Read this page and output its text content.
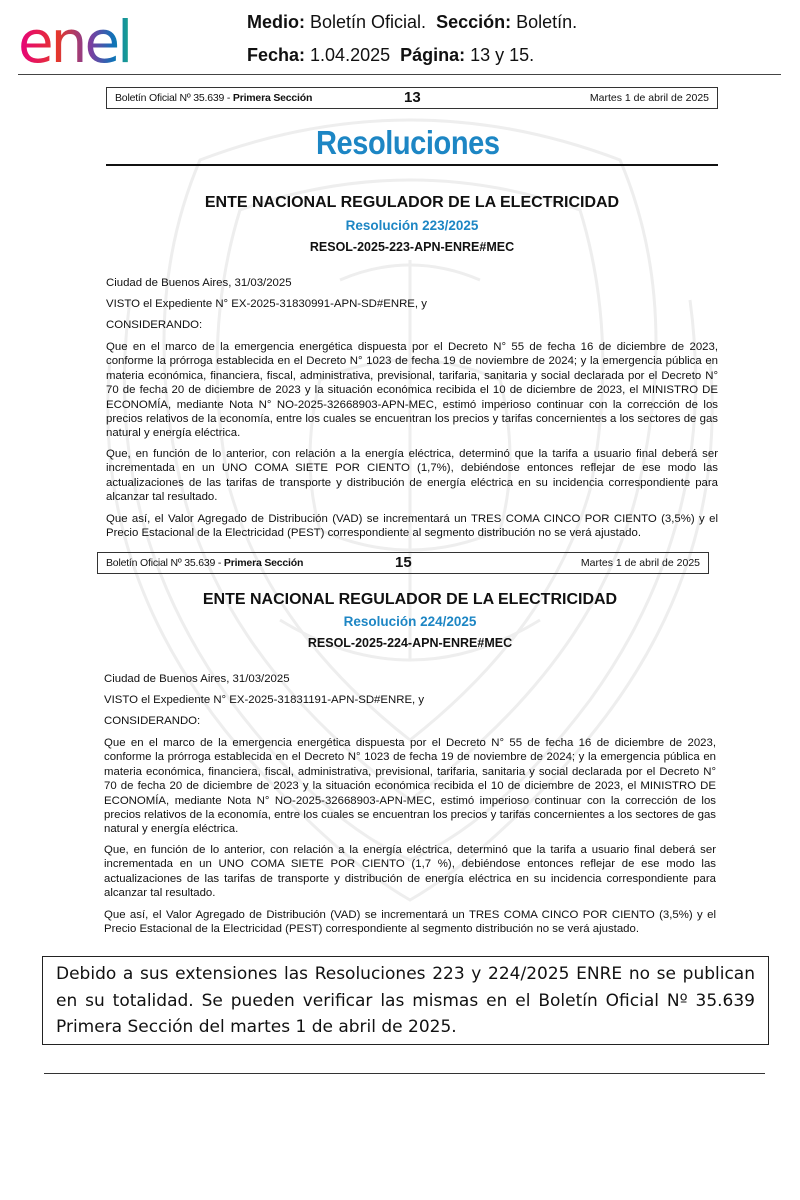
enel	Medio: Boletín Oficial. Sección: Boletín.
Fecha: 1.04.2025 Página: 13 y 15.
Boletín Oficial Nº 35.639 - Primera Sección	13	Martes 1 de abril de 2025
Resoluciones
ENTE NACIONAL REGULADOR DE LA ELECTRICIDAD
Resolución 223/2025
RESOL-2025-223-APN-ENRE#MEC
Ciudad de Buenos Aires, 31/03/2025
VISTO el Expediente N° EX-2025-31830991-APN-SD#ENRE, y
CONSIDERANDO:
Que en el marco de la emergencia energética dispuesta por el Decreto N° 55 de fecha 16 de diciembre de 2023, conforme la prórroga establecida en el Decreto N° 1023 de fecha 19 de noviembre de 2024; y la emergencia pública en materia económica, financiera, fiscal, administrativa, previsional, tarifaria, sanitaria y social declarada por el Decreto N° 70 de fecha 20 de diciembre de 2023 y la situación económica recibida el 10 de diciembre de 2023, el MINISTRO DE ECONOMÍA, mediante Nota N° NO-2025-32668903-APN-MEC, estimó imperioso continuar con la corrección de los precios relativos de la economía, entre los cuales se encuentran los precios y tarifas concernientes a los sectores de gas natural y energía eléctrica.
Que, en función de lo anterior, con relación a la energía eléctrica, determinó que la tarifa a usuario final deberá ser incrementada en un UNO COMA SIETE POR CIENTO (1,7%), debiéndose entonces reflejar de ese modo las actualizaciones de las tarifas de transporte y distribución de energía eléctrica en su incidencia correspondiente para alcanzar tal resultado.
Que así, el Valor Agregado de Distribución (VAD) se incrementará un TRES COMA CINCO POR CIENTO (3,5%) y el Precio Estacional de la Electricidad (PEST) correspondiente al segmento distribución no se verá ajustado.
Boletín Oficial Nº 35.639 - Primera Sección	15	Martes 1 de abril de 2025
ENTE NACIONAL REGULADOR DE LA ELECTRICIDAD
Resolución 224/2025
RESOL-2025-224-APN-ENRE#MEC
Ciudad de Buenos Aires, 31/03/2025
VISTO el Expediente N° EX-2025-31831191-APN-SD#ENRE, y
CONSIDERANDO:
Que en el marco de la emergencia energética dispuesta por el Decreto N° 55 de fecha 16 de diciembre de 2023, conforme la prórroga establecida en el Decreto N° 1023 de fecha 19 de noviembre de 2024; y la emergencia pública en materia económica, financiera, fiscal, administrativa, previsional, tarifaria, sanitaria y social declarada por el Decreto N° 70 de fecha 20 de diciembre de 2023 y la situación económica recibida el 10 de diciembre de 2023, el MINISTRO DE ECONOMÍA, mediante Nota N° NO-2025-32668903-APN-MEC, estimó imperioso continuar con la corrección de los precios relativos de la economía, entre los cuales se encuentran los precios y tarifas concernientes a los sectores de gas natural y energía eléctrica.
Que, en función de lo anterior, con relación a la energía eléctrica, determinó que la tarifa a usuario final deberá ser incrementada en un UNO COMA SIETE POR CIENTO (1,7 %), debiéndose entonces reflejar de ese modo las actualizaciones de las tarifas de transporte y distribución de energía eléctrica en su incidencia correspondiente para alcanzar tal resultado.
Que así, el Valor Agregado de Distribución (VAD) se incrementará un TRES COMA CINCO POR CIENTO (3,5%) y el Precio Estacional de la Electricidad (PEST) correspondiente al segmento distribución no se verá ajustado.
Debido a sus extensiones las Resoluciones 223 y 224/2025 ENRE no se publican en su totalidad. Se pueden verificar las mismas en el Boletín Oficial Nº 35.639 Primera Sección del martes 1 de abril de 2025.
